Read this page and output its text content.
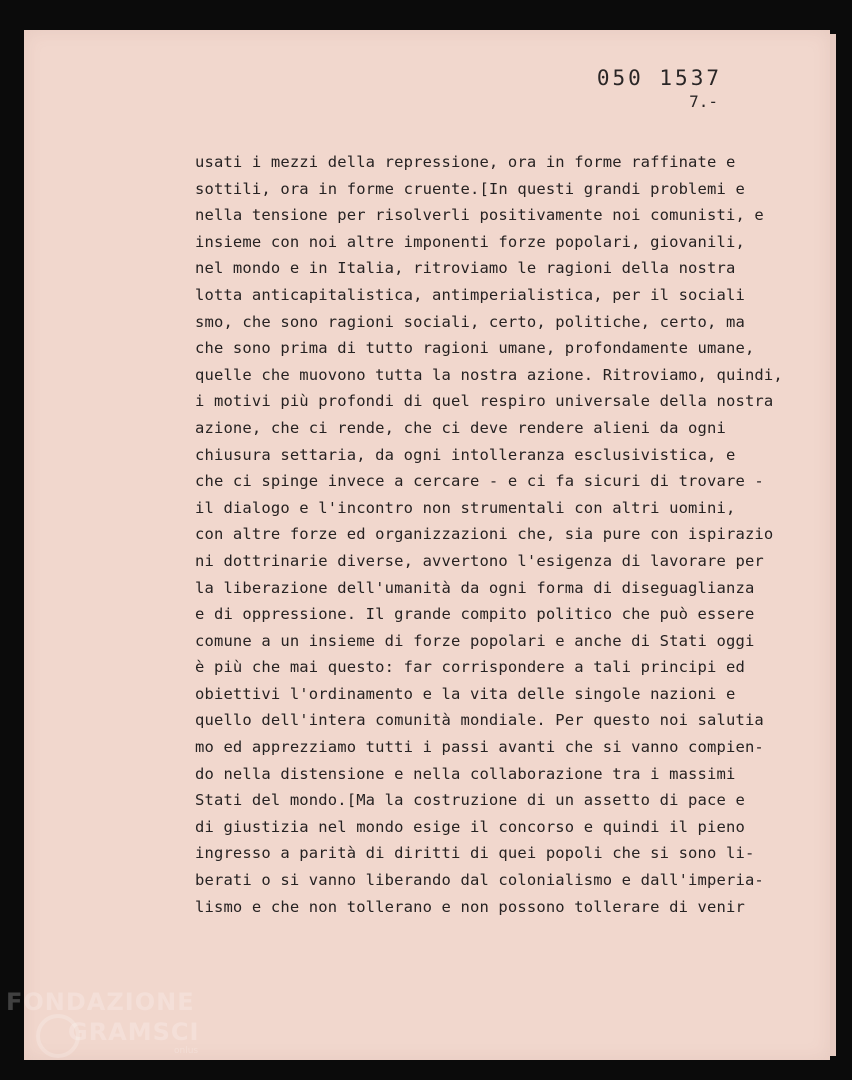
050 1537
7.-
usati i mezzi della repressione, ora in forme raffinate e
sottili, ora in forme cruente.[In questi grandi problemi e
nella tensione per risolverli positivamente noi comunisti, e
insieme con noi altre imponenti forze popolari, giovanili,
nel mondo e in Italia, ritroviamo le ragioni della nostra
lotta anticapitalistica, antimperialistica, per il sociali
smo, che sono ragioni sociali, certo, politiche, certo, ma
che sono prima di tutto ragioni umane, profondamente umane,
quelle che muovono tutta la nostra azione. Ritroviamo, quindi,
i motivi più profondi di quel respiro universale della nostra
azione, che ci rende, che ci deve rendere alieni da ogni
chiusura settaria, da ogni intolleranza esclusivistica, e
che ci spinge invece a cercare - e ci fa sicuri di trovare -
il dialogo e l'incontro non strumentali con altri uomini,
con altre forze ed organizzazioni che, sia pure con ispirazio
ni dottrinarie diverse, avvertono l'esigenza di lavorare per
la liberazione dell'umanità da ogni forma di diseguaglianza
e di oppressione. Il grande compito politico che può essere
comune a un insieme di forze popolari e anche di Stati oggi
è più che mai questo: far corrispondere a tali principi ed
obiettivi l'ordinamento e la vita delle singole nazioni e
quello dell'intera comunità mondiale. Per questo noi salutia
mo ed apprezziamo tutti i passi avanti che si vanno compien-
do nella distensione e nella collaborazione tra i massimi
Stati del mondo.[Ma la costruzione di un assetto di pace e
di giustizia nel mondo esige il concorso e quindi il pieno
ingresso a parità di diritti di quei popoli che si sono li-
berati o si vanno liberando dal colonialismo e dall'imperia-
lismo e che non tollerano e non possono tollerare di venir
FONDAZIONE
GRAMSCI
onlus
